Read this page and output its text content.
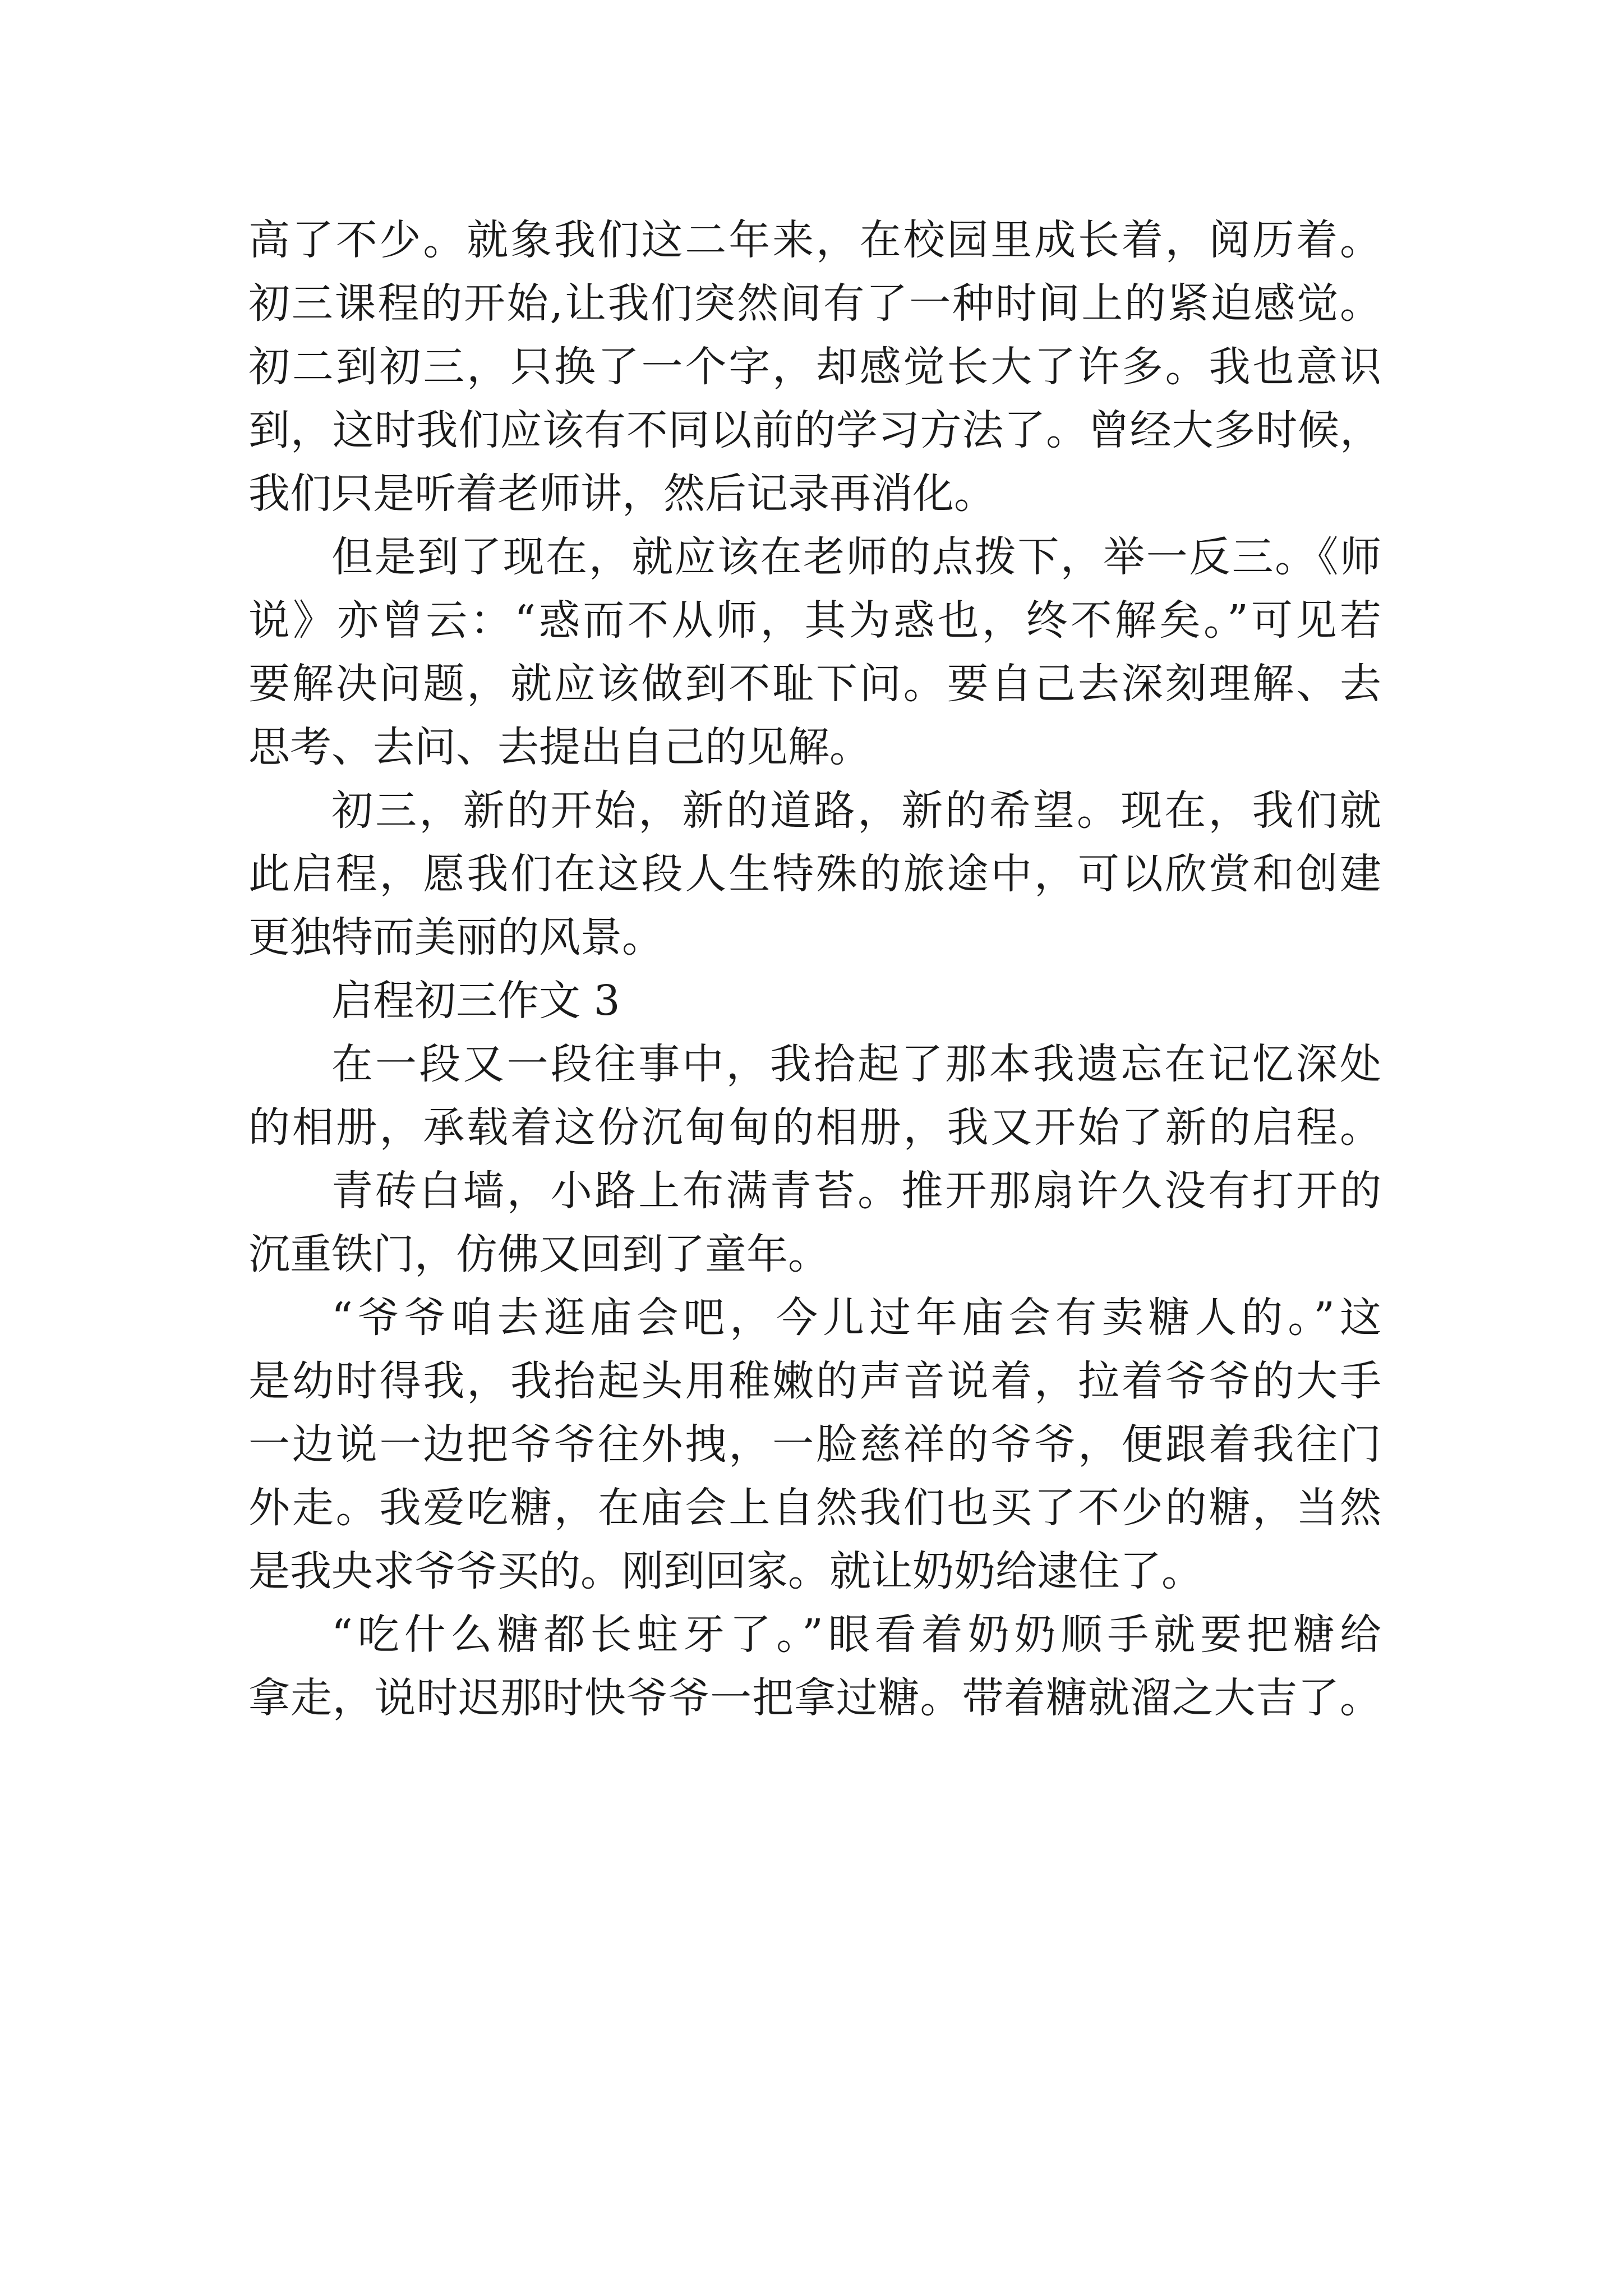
高了不少。就象我们这二年来，在校园里成长着，阅历着。
初三课程的开始,让我们突然间有了一种时间上的紧迫感觉。
初二到初三，只换了一个字，却感觉长大了许多。我也意识
到，这时我们应该有不同以前的学习方法了。曾经大多时候，
我们只是听着老师讲，然后记录再消化。
但是到了现在，就应该在老师的点拨下，举一反三。《师
说》亦曾云：“惑而不从师，其为惑也，终不解矣。”可见若
要解决问题，就应该做到不耻下问。要自己去深刻理解、去
思考、去问、去提出自己的见解。
初三，新的开始，新的道路，新的希望。现在，我们就
此启程，愿我们在这段人生特殊的旅途中，可以欣赏和创建
更独特而美丽的风景。
启程初三作文 3
在一段又一段往事中，我拾起了那本我遗忘在记忆深处
的相册，承载着这份沉甸甸的相册，我又开始了新的启程。
青砖白墙，小路上布满青苔。推开那扇许久没有打开的
沉重铁门，仿佛又回到了童年。
“爷爷咱去逛庙会吧，今儿过年庙会有卖糖人的。”这
是幼时得我，我抬起头用稚嫩的声音说着，拉着爷爷的大手
一边说一边把爷爷往外拽，一脸慈祥的爷爷，便跟着我往门
外走。我爱吃糖，在庙会上自然我们也买了不少的糖，当然
是我央求爷爷买的。刚到回家。就让奶奶给逮住了。
“吃什么糖都长蛀牙了。”眼看着奶奶顺手就要把糖给
拿走，说时迟那时快爷爷一把拿过糖。带着糖就溜之大吉了。
